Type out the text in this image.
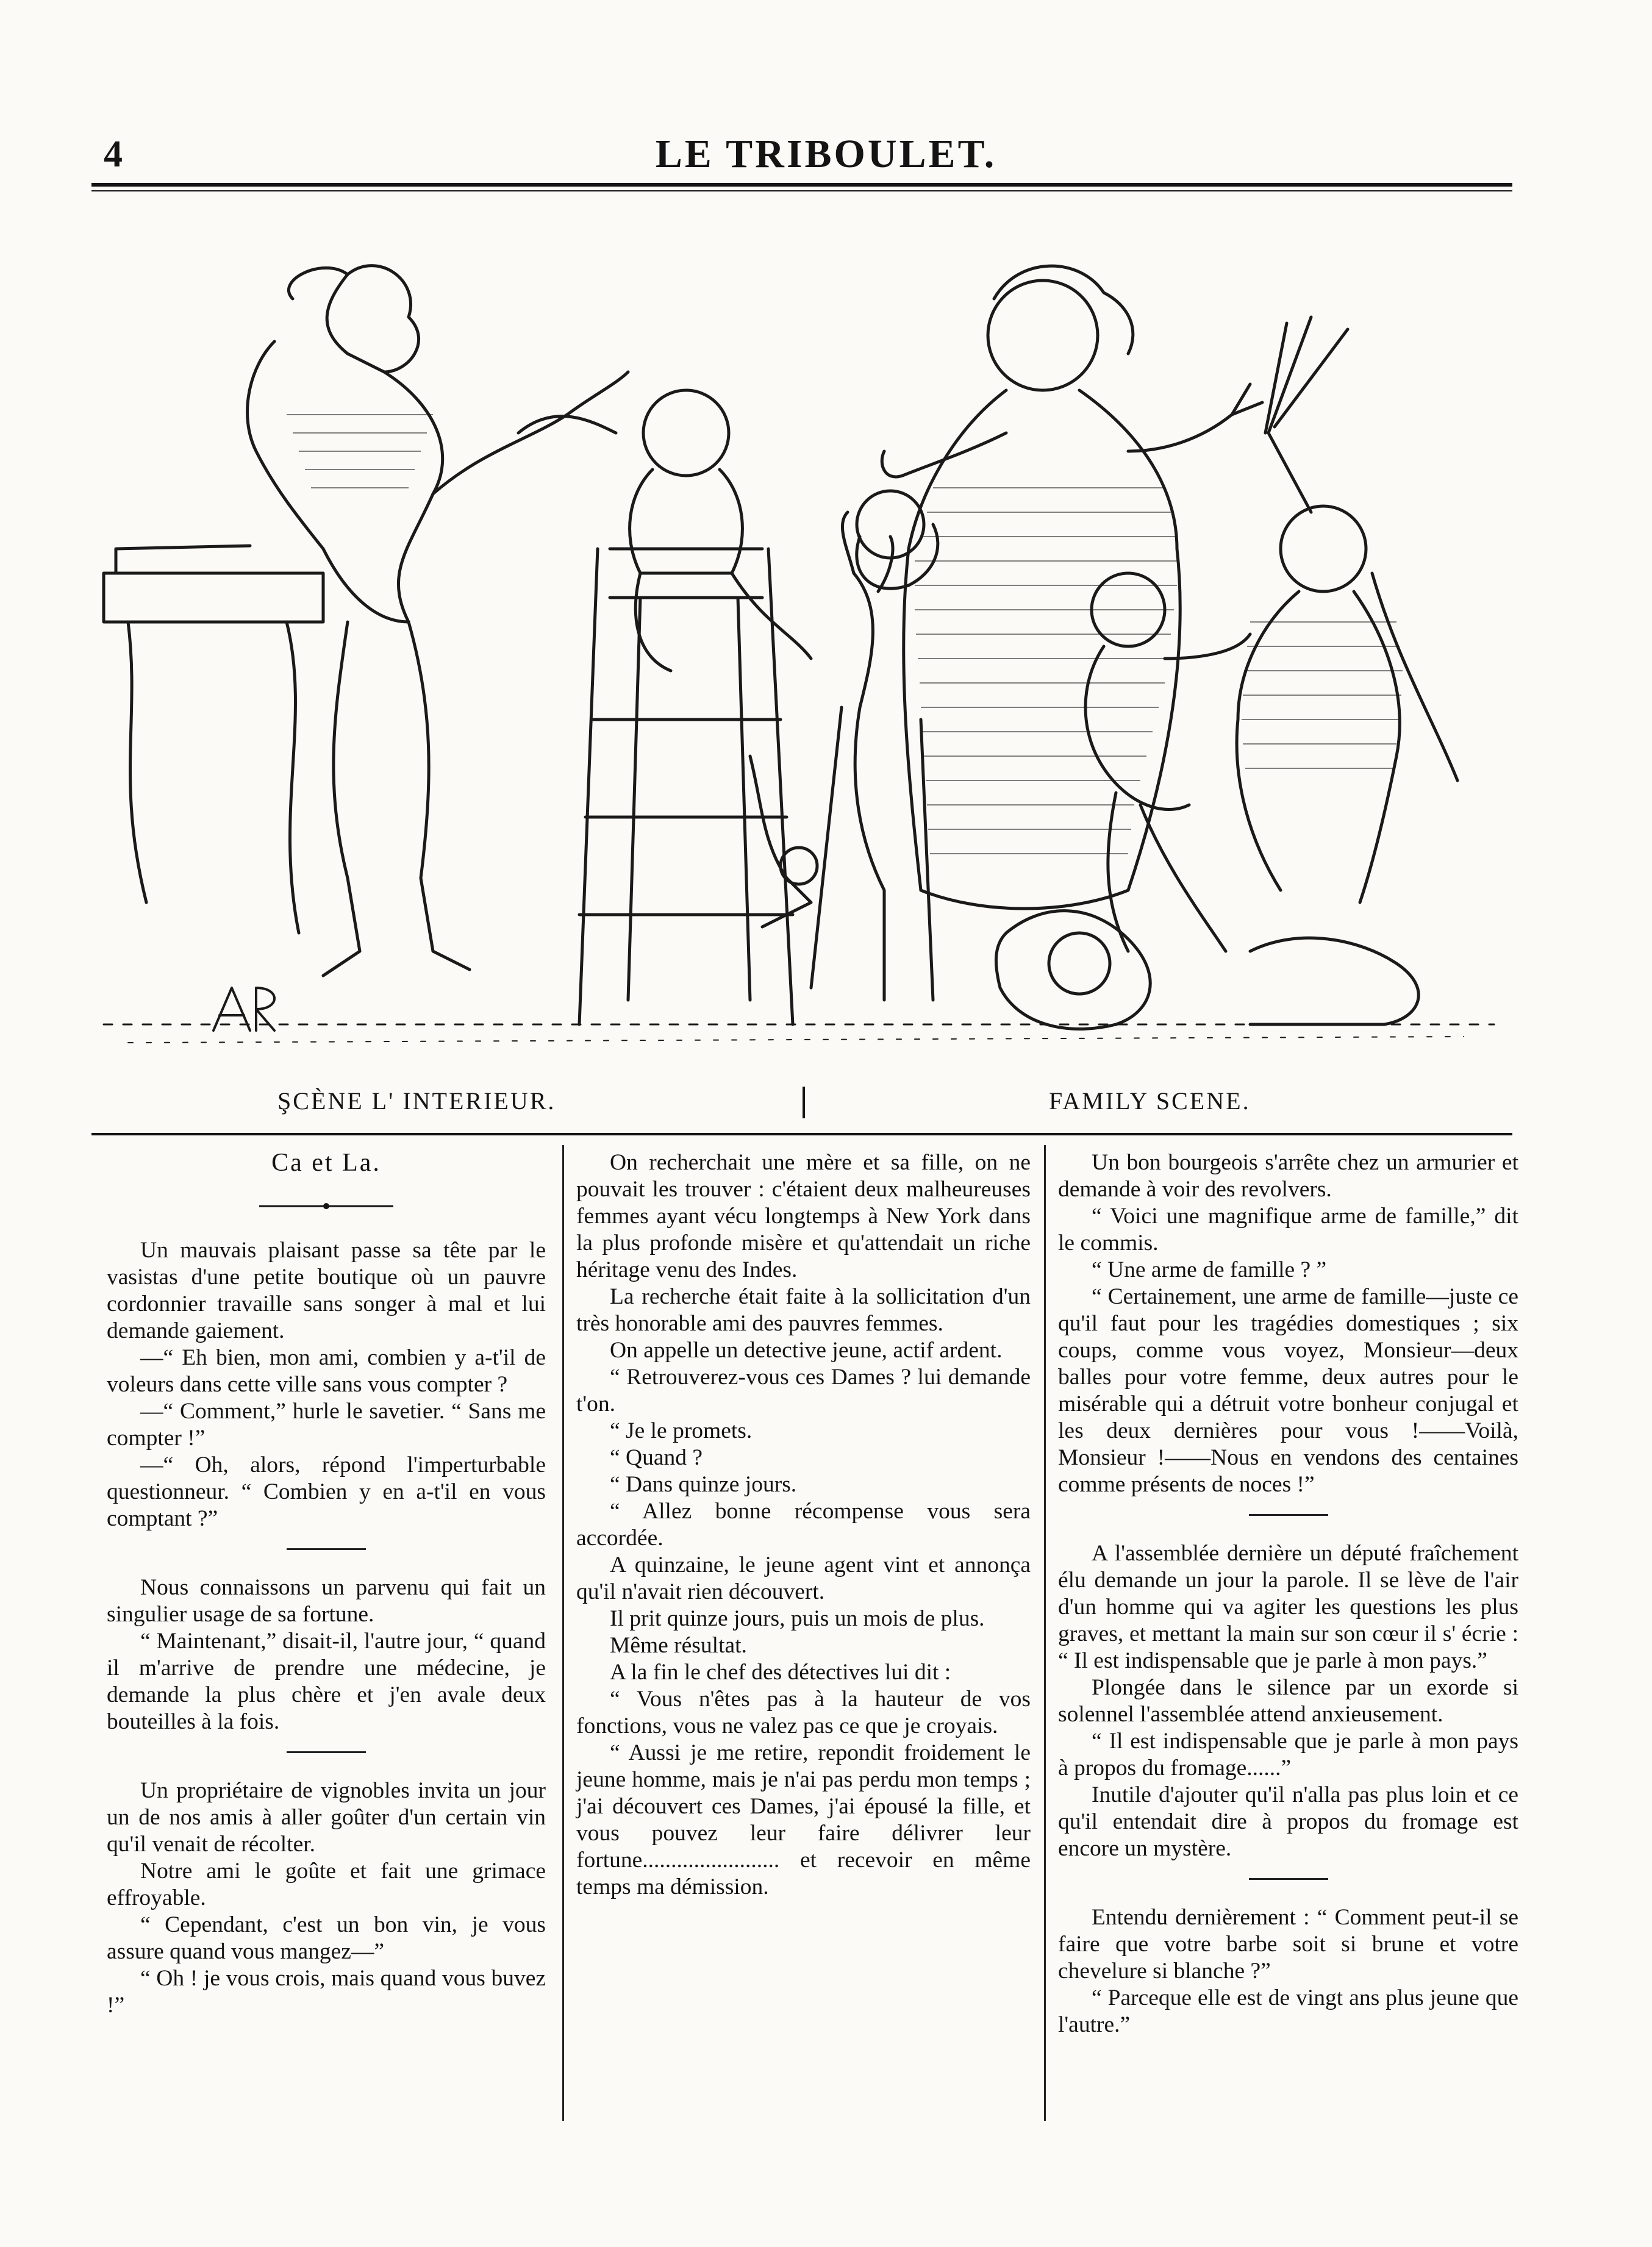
4	LE TRIBOULET.
ŞCÈNE L' INTERIEUR.	FAMILY SCENE.

Ca et La.

Un mauvais plaisant passe sa tête par le vasistas d'une petite boutique où un pauvre cordonnier travaille sans songer à mal et lui demande gaiement.

—“ Eh bien, mon ami, combien y a-t'il de voleurs dans cette ville sans vous compter ?

—“ Comment,” hurle le savetier. “ Sans me compter !”

—“ Oh, alors, répond l'imperturbable questionneur. “ Combien y en a-t'il en vous comptant ?”

Nous connaissons un parvenu qui fait un singulier usage de sa fortune.

“ Maintenant,” disait-il, l'autre jour, “ quand il m'arrive de prendre une médecine, je demande la plus chère et j'en avale deux bouteilles à la fois.

Un propriétaire de vignobles invita un jour un de nos amis à aller goûter d'un certain vin qu'il venait de récolter.

Notre ami le goûte et fait une grimace effroyable.

“ Cependant, c'est un bon vin, je vous assure quand vous mangez—”

“ Oh ! je vous crois, mais quand vous buvez !”

On recherchait une mère et sa fille, on ne pouvait les trouver : c'étaient deux malheureuses femmes ayant vécu longtemps à New York dans la plus profonde misère et qu'attendait un riche héritage venu des Indes.

La recherche était faite à la sollicitation d'un très honorable ami des pauvres femmes.

On appelle un detective jeune, actif ardent.

“ Retrouverez-vous ces Dames ? lui demande t'on.

“ Je le promets.

“ Quand ?

“ Dans quinze jours.

“ Allez bonne récompense vous sera accordée.

A quinzaine, le jeune agent vint et annonça qu'il n'avait rien découvert.

Il prit quinze jours, puis un mois de plus.

Même résultat.

A la fin le chef des détectives lui dit :

“ Vous n'êtes pas à la hauteur de vos fonctions, vous ne valez pas ce que je croyais.

“ Aussi je me retire, repondit froidement le jeune homme, mais je n'ai pas perdu mon temps ; j'ai découvert ces Dames, j'ai épousé la fille, et vous pouvez leur faire délivrer leur fortune........................ et recevoir en même temps ma démission.

Un bon bourgeois s'arrête chez un armurier et demande à voir des revolvers.

“ Voici une magnifique arme de famille,” dit le commis.

“ Une arme de famille ? ”

“ Certainement, une arme de famille—juste ce qu'il faut pour les tragédies domestiques ; six coups, comme vous voyez, Monsieur—deux balles pour votre femme, deux autres pour le misérable qui a détruit votre bonheur conjugal et les deux dernières pour vous !——Voilà, Monsieur !——Nous en vendons des centaines comme présents de noces !”

A l'assemblée dernière un député fraîchement élu demande un jour la parole. Il se lève de l'air d'un homme qui va agiter les questions les plus graves, et mettant la main sur son cœur il s' écrie : “ Il est indispensable que je parle à mon pays.”

Plongée dans le silence par un exorde si solennel l'assemblée attend anxieusement.

“ Il est indispensable que je parle à mon pays à propos du fromage......”

Inutile d'ajouter qu'il n'alla pas plus loin et ce qu'il entendait dire à propos du fromage est encore un mystère.

Entendu dernièrement : “ Comment peut-il se faire que votre barbe soit si brune et votre chevelure si blanche ?”

“ Parceque elle est de vingt ans plus jeune que l'autre.”
